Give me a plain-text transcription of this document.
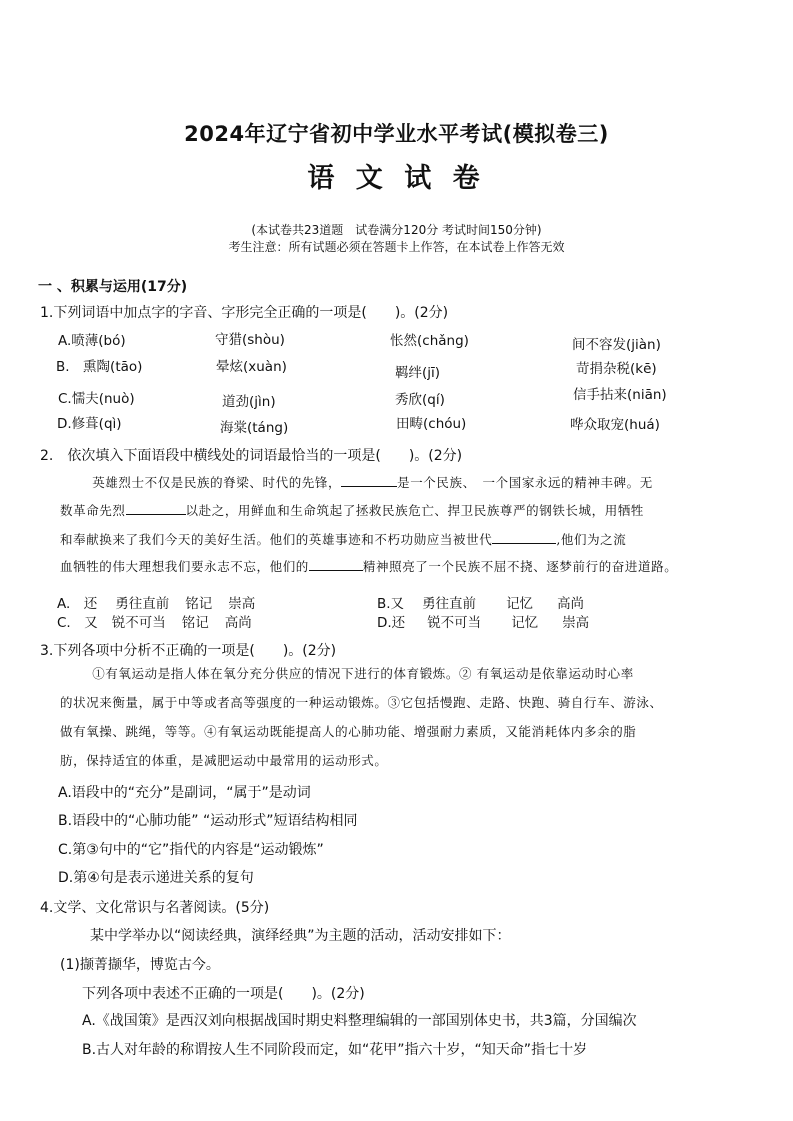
2024年辽宁省初中学业水平考试(模拟卷三)
语 文 试 卷
(本试卷共23道题　试卷满分120分 考试时间150分钟)
考生注意：所有试题必须在答题卡上作答，在本试卷上作答无效
一 、积累与运用(17分)
1.下列词语中加点字的字音、字形完全正确的一项是(　　)。(2分)
A.喷薄(bó)	守猎(shòu)	怅然(chǎng)	间不容发(jiàn)
B.　熏陶(tāo)	晕炫(xuàn)	羁绊(jī)	苛捐杂税(kē)
C.懦夫(nuò)	道劲(jìn)	秀欣(qí)	信手拈来(niān)
D.修葺(qì)	海棠(táng)	田畴(chóu)	哗众取宠(huá)
2.　依次填入下面语段中横线处的词语最恰当的一项是(　　)。(2分)
　　英雄烈士不仅是民族的脊梁、时代的先锋，	是一个民族、　一个国家永远的精神丰碑。无
数革命先烈	以赴之，用鲜血和生命筑起了拯救民族危亡、捍卫民族尊严的钢铁长城，用牺牲
和奉献换来了我们今天的美好生活。他们的英雄事迹和不朽功勋应当被世代	,他们为之流
血牺牲的伟大理想我们要永志不忘，他们的	精神照亮了一个民族不屈不挠、逐梦前行的奋进道路。
A.　还 勇往直前 铭记 崇高	B.又 勇往直前 记忆 高尚
C.　又 锐不可当 铭记 高尚	D.还 锐不可当 记忆 崇高
3.下列各项中分析不正确的一项是(　　)。(2分)
　　①有氧运动是指人体在氧分充分供应的情况下进行的体育锻炼。② 有氧运动是依靠运动时心率
的状况来衡量，属于中等或者高等强度的一种运动锻炼。③它包括慢跑、走路、快跑、骑自行车、游泳、
做有氧操、跳绳，等等。④有氧运动既能提高人的心肺功能、增强耐力素质，又能消耗体内多余的脂
肪，保持适宜的体重，是减肥运动中最常用的运动形式。
A.语段中的“充分”是副词，“属于”是动词
B.语段中的“心肺功能” “运动形式”短语结构相同
C.第③句中的“它”指代的内容是“运动锻炼”
D.第④句是表示递进关系的复句
4.文学、文化常识与名著阅读。(5分)
某中学举办以“阅读经典，演绎经典”为主题的活动，活动安排如下：
(1)撷菁撷华，博览古今。
下列各项中表述不正确的一项是(　　)。(2分)
A.《战国策》是西汉刘向根据战国时期史料整理编辑的一部国别体史书，共3篇，分国编次
B.古人对年龄的称谓按人生不同阶段而定，如“花甲”指六十岁，“知天命”指七十岁
